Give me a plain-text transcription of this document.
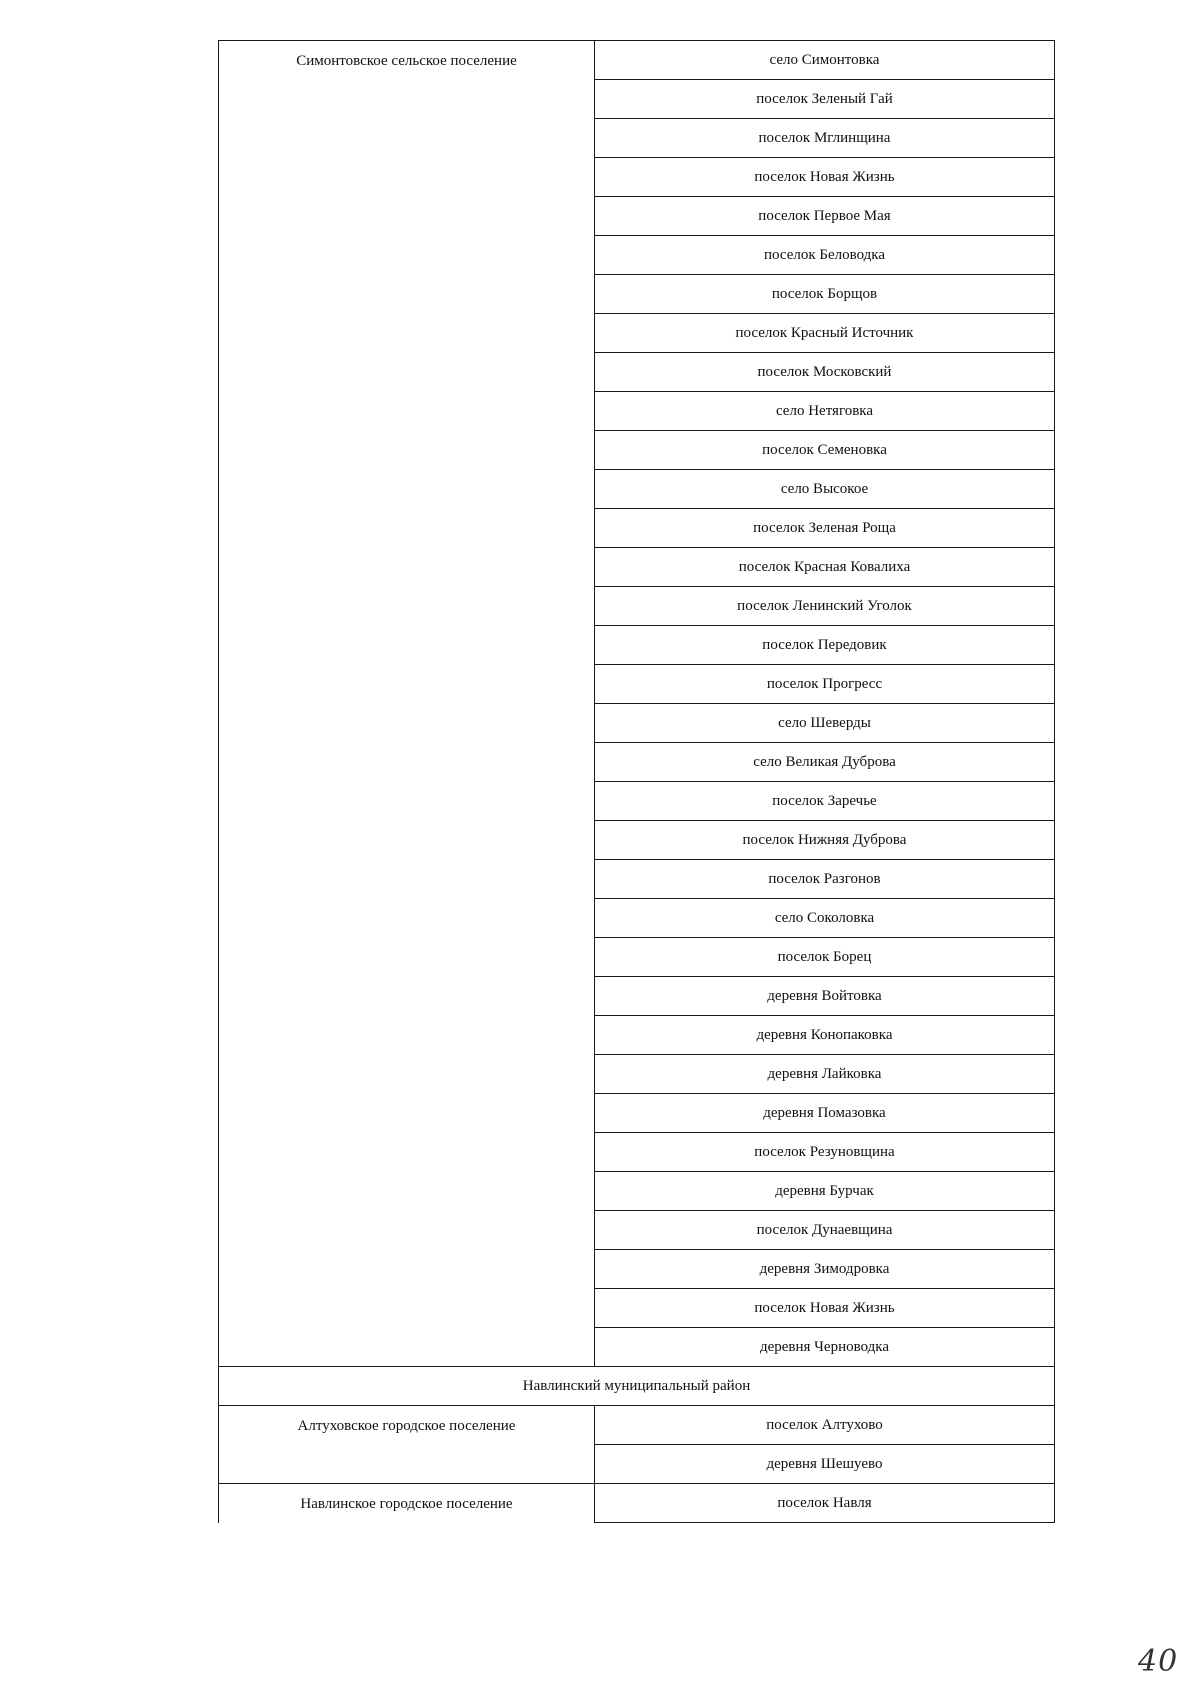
Симонтовское сельское поселение	село Симонтовка
	поселок Зеленый Гай
	поселок Мглинщина
	поселок Новая Жизнь
	поселок Первое Мая
	поселок Беловодка
	поселок Борщов
	поселок Красный Источник
	поселок Московский
	село Нетяговка
	поселок Семеновка
	село Высокое
	поселок Зеленая Роща
	поселок Красная Ковалиха
	поселок Ленинский Уголок
	поселок Передовик
	поселок Прогресс
	село Шеверды
	село Великая Дуброва
	поселок Заречье
	поселок Нижняя Дуброва
	поселок Разгонов
	село Соколовка
	поселок Борец
	деревня Войтовка
	деревня Конопаковка
	деревня Лайковка
	деревня Помазовка
	поселок Резуновщина
	деревня Бурчак
	поселок Дунаевщина
	деревня Зимодровка
	поселок Новая Жизнь
	деревня Черноводка
Навлинский муниципальный район	
Алтуховское городское поселение	поселок Алтухово
	деревня Шешуево
Навлинское городское поселение	поселок Навля
40
